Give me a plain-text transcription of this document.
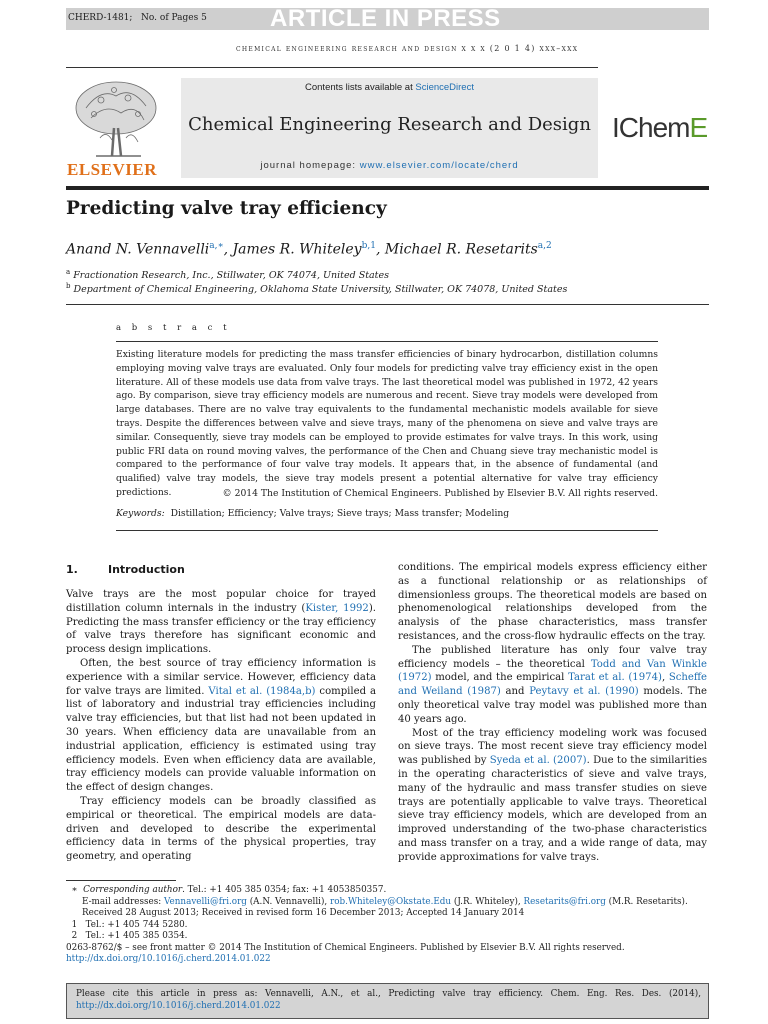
CHERD-1481; No. of Pages 5	ARTICLE IN PRESS
chemical engineering research and design x x x (2 0 1 4) xxx–xxx
ELSEVIER
Contents lists available at ScienceDirect
Chemical Engineering Research and Design
journal homepage: www.elsevier.com/locate/cherd
IChemE
Predicting valve tray efficiency
Anand N. Vennavelli$^{a,∗}$, James R. Whiteley$^{b,1}$, Michael R. Resetarits$^{a,2}$
$^a$ Fractionation Research, Inc., Stillwater, OK 74074, United States
$^b$ Department of Chemical Engineering, Oklahoma State University, Stillwater, OK 74078, United States
a b s t r a c t
Existing literature models for predicting the mass transfer efficiencies of binary hydrocarbon, distillation columns employing moving valve trays are evaluated. Only four models for predicting valve tray efficiency exist in the open literature. All of these models use data from valve trays. The last theoretical model was published in 1972, 42 years ago. By comparison, sieve tray efficiency models are numerous and recent. Sieve tray models were developed from large databases. There are no valve tray equivalents to the fundamental mechanistic models available for sieve trays. Despite the differences between valve and sieve trays, many of the phenomena on sieve and valve trays are similar. Consequently, sieve tray models can be employed to provide estimates for valve trays. In this work, using public FRI data on round moving valves, the performance of the Chen and Chuang sieve tray mechanistic model is compared to the performance of four valve tray models. It appears that, in the absence of fundamental (and qualified) valve tray models, the sieve tray models present a potential alternative for valve tray efficiency predictions.	© 2014 The Institution of Chemical Engineers. Published by Elsevier B.V. All rights reserved.
Keywords: Distillation; Efficiency; Valve trays; Sieve trays; Mass transfer; Modeling
1.	Introduction

Valve trays are the most popular choice for trayed distillation column internals in the industry (Kister, 1992). Predicting the mass transfer efficiency or the tray efficiency of valve trays therefore has significant economic and process design implications.

Often, the best source of tray efficiency information is experience with a similar service. However, efficiency data for valve trays are limited. Vital et al. (1984a,b) compiled a list of laboratory and industrial tray efficiencies including valve tray efficiencies, but that list had not been updated in 30 years. When efficiency data are unavailable from an industrial application, efficiency is estimated using tray efficiency models. Even when efficiency data are available, tray efficiency models can provide valuable information on the effect of design changes.

Tray efficiency models can be broadly classified as empirical or theoretical. The empirical models are data-driven and developed to describe the experimental efficiency data in terms of the physical properties, tray geometry, and operating

conditions. The empirical models express efficiency either as a functional relationship or as relationships of dimensionless groups. The theoretical models are based on phenomenological relationships developed from the analysis of the phase characteristics, mass transfer resistances, and the cross-flow hydraulic effects on the tray.

The published literature has only four valve tray efficiency models – the theoretical Todd and Van Winkle (1972) model, and the empirical Tarat et al. (1974), Scheffe and Weiland (1987) and Peytavy et al. (1990) models. The only theoretical valve tray model was published more than 40 years ago.

Most of the tray efficiency modeling work was focused on sieve trays. The most recent sieve tray efficiency model was published by Syeda et al. (2007). Due to the similarities in the operating characteristics of sieve and valve trays, many of the hydraulic and mass transfer studies on sieve trays are potentially applicable to valve trays. Theoretical sieve tray efficiency models, which are developed from an improved understanding of the two-phase characteristics and mass transfer on a tray, and a wide range of data, may provide approximations for valve trays.

∗ Corresponding author. Tel.: +1 405 385 0354; fax: +1 4053850357.
E-mail addresses: Vennavelli@fri.org (A.N. Vennavelli), rob.Whiteley@Okstate.Edu (J.R. Whiteley), Resetarits@fri.org (M.R. Resetarits).
Received 28 August 2013; Received in revised form 16 December 2013; Accepted 14 January 2014
1 Tel.: +1 405 744 5280.
2 Tel.: +1 405 385 0354.
0263-8762/$ – see front matter © 2014 The Institution of Chemical Engineers. Published by Elsevier B.V. All rights reserved.
http://dx.doi.org/10.1016/j.cherd.2014.01.022
Please cite this article in press as: Vennavelli, A.N., et al., Predicting valve tray efficiency. Chem. Eng. Res. Des. (2014), http://dx.doi.org/10.1016/j.cherd.2014.01.022
